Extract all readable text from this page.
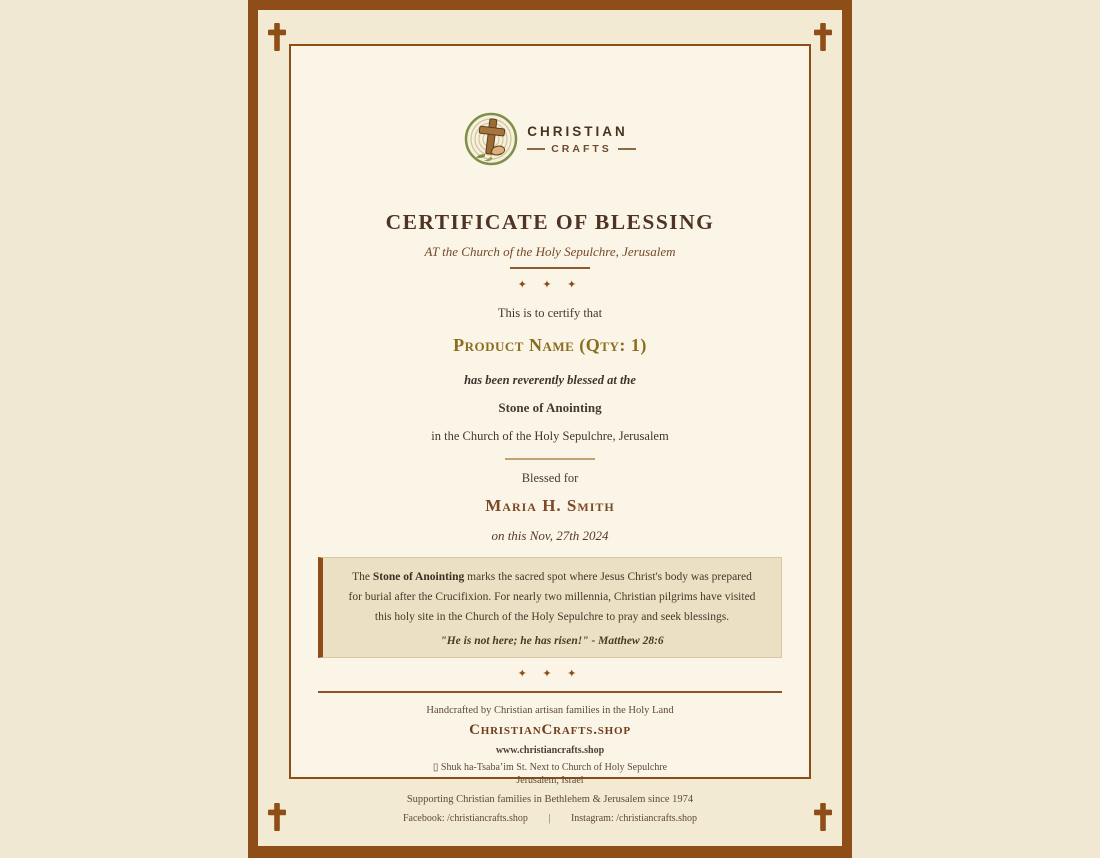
CHRISTIAN
CRAFTS
CERTIFICATE OF BLESSING
AT the Church of the Holy Sepulchre, Jerusalem
✦ ✦ ✦
This is to certify that
Product Name (Qty: 1)
has been reverently blessed at the
Stone of Anointing
in the Church of the Holy Sepulchre, Jerusalem
Blessed for
Maria H. Smith
on this Nov, 27th 2024
The Stone of Anointing marks the sacred spot where Jesus Christ's body was prepared for burial after the Crucifixion. For nearly two millennia, Christian pilgrims have visited this holy site in the Church of the Holy Sepulchre to pray and seek blessings.
"He is not here; he has risen!" - Matthew 28:6
✦ ✦ ✦
Handcrafted by Christian artisan families in the Holy Land
ChristianCrafts.shop
www.christiancrafts.shop
▯ Shuk ha-Tsaba’im St. Next to Church of Holy Sepulchre
Jerusalem, Israel
Supporting Christian families in Bethlehem & Jerusalem since 1974
Facebook: /christiancrafts.shop | Instagram: /christiancrafts.shop
